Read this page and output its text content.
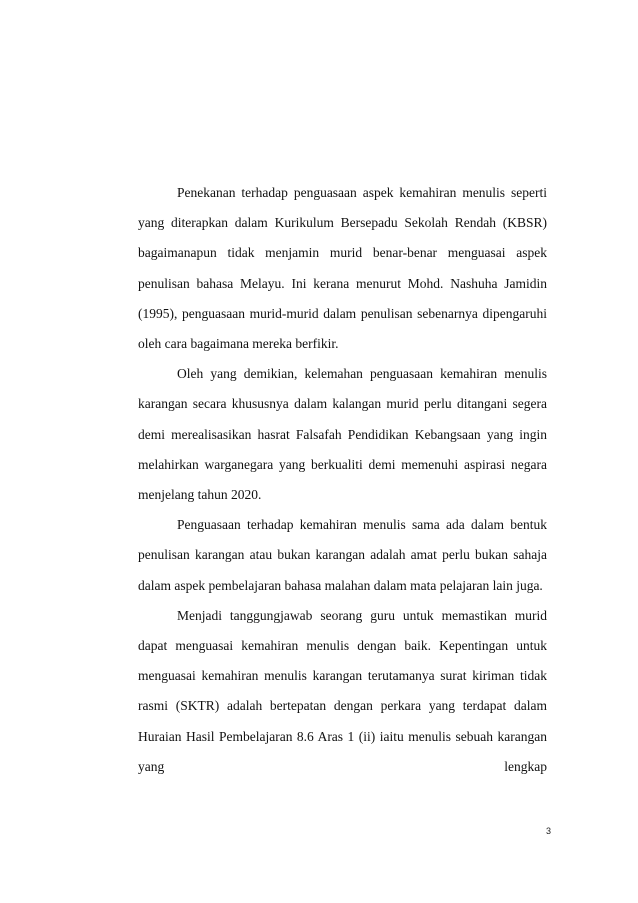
Penekanan terhadap penguasaan aspek kemahiran menulis seperti yang diterapkan dalam Kurikulum Bersepadu Sekolah Rendah (KBSR) bagaimanapun tidak menjamin murid benar-benar menguasai aspek penulisan bahasa Melayu. Ini kerana menurut Mohd. Nashuha Jamidin (1995), penguasaan murid-murid dalam penulisan sebenarnya dipengaruhi oleh cara bagaimana mereka berfikir.

Oleh yang demikian, kelemahan penguasaan kemahiran menulis karangan secara khususnya dalam kalangan murid perlu ditangani segera demi merealisasikan hasrat Falsafah Pendidikan Kebangsaan yang ingin melahirkan warganegara yang berkualiti demi memenuhi aspirasi negara menjelang tahun 2020.

Penguasaan terhadap kemahiran menulis sama ada dalam bentuk penulisan karangan atau bukan karangan adalah amat perlu bukan sahaja dalam aspek pembelajaran bahasa malahan dalam mata pelajaran lain juga.

Menjadi tanggungjawab seorang guru untuk memastikan murid dapat menguasai kemahiran menulis dengan baik. Kepentingan untuk menguasai kemahiran menulis karangan terutamanya surat kiriman tidak rasmi (SKTR) adalah bertepatan dengan perkara yang terdapat dalam Huraian Hasil Pembelajaran 8.6 Aras 1 (ii) iaitu menulis sebuah karangan yang lengkap

3
